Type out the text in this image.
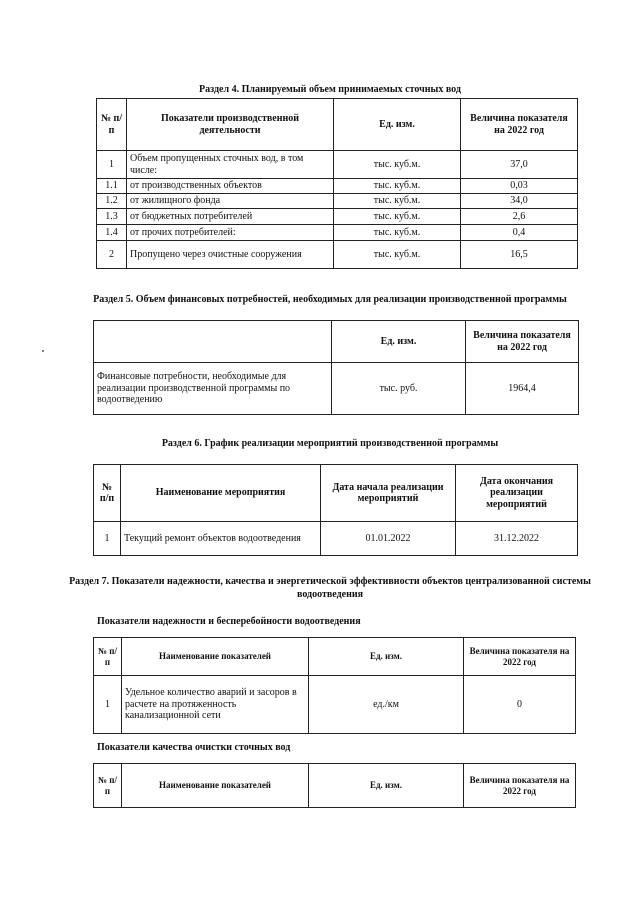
Раздел 4. Планируемый объем принимаемых сточных вод
№ п/п	Показатели производственной деятельности	Ед. изм.	Величина показателя на 2022 год
1	Объем пропущенных сточных вод, в том числе:	тыс. куб.м.	37,0
1.1	от производственных объектов	тыс. куб.м.	0,03
1.2	от жилищного фонда	тыс. куб.м.	34,0
1.3	от бюджетных потребителей	тыс. куб.м.	2,6
1.4	от прочих потребителей:	тыс. куб.м.	0,4
2	Пропущено через очистные сооружения	тыс. куб.м.	16,5
Раздел 5. Объем финансовых потребностей, необходимых для реализации производственной программы
	Ед. изм.	Величина показателя на 2022 год
Финансовые потребности, необходимые для реализации производственной программы по водоотведению	тыс. руб.	1964,4
Раздел 6. График реализации мероприятий производственной программы
№ п/п	Наименование мероприятия	Дата начала реализации мероприятий	Дата окончания реализации мероприятий
1	Текущий ремонт объектов водоотведения	01.01.2022	31.12.2022
Раздел 7. Показатели надежности, качества и энергетической эффективности объектов централизованной системы водоотведения
Показатели надежности и бесперебойности водоотведения
№ п/п	Наименование показателей	Ед. изм.	Величина показателя на 2022 год
1	Удельное количество аварий и засоров в расчете на протяженность канализационной сети	ед./км	0
Показатели качества очистки сточных вод
№ п/п	Наименование показателей	Ед. изм.	Величина показателя на 2022 год
